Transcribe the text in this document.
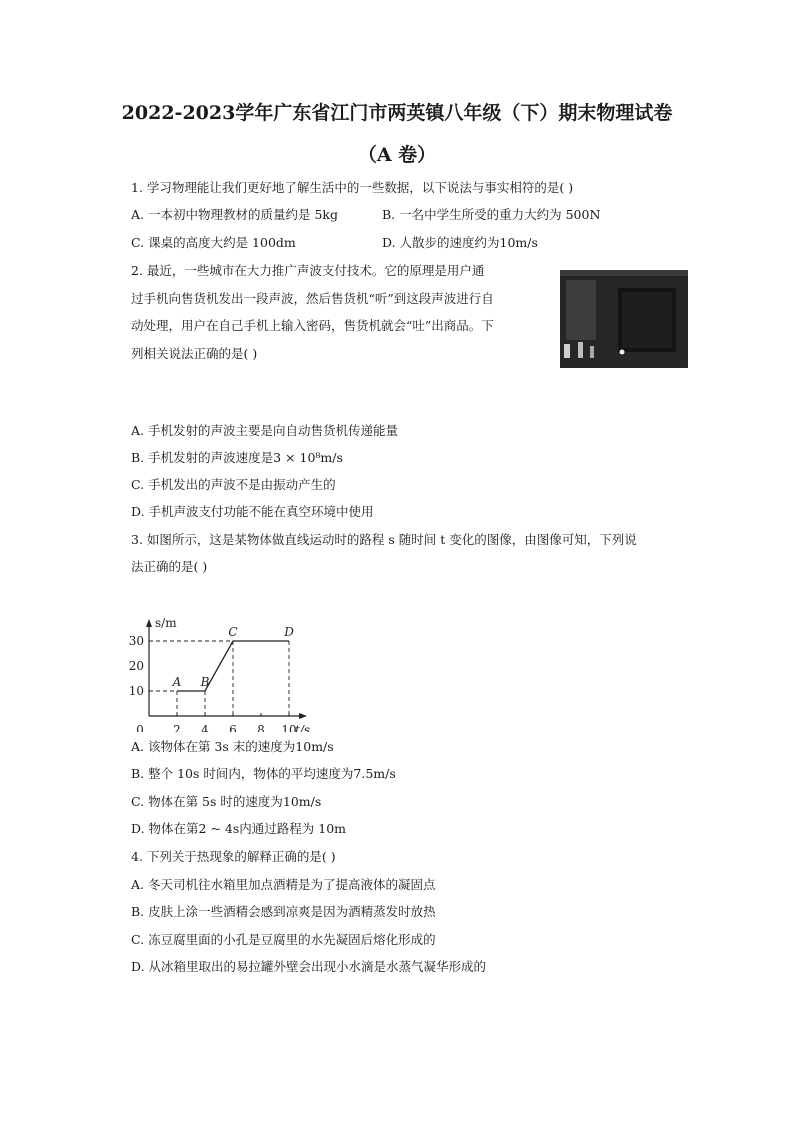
2022-2023学年广东省江门市两英镇八年级（下）期末物理试卷
（A 卷）
1. 学习物理能让我们更好地了解生活中的一些数据，以下说法与事实相符的是( )
A. 一本初中物理教材的质量约是 5kg	B. 一名中学生所受的重力大约为 500N
C. 课桌的高度大约是 100dm	D. 人散步的速度约为10m/s
2. 最近，一些城市在大力推广声波支付技术。它的原理是用户通
过手机向售货机发出一段声波，然后售货机“听”到这段声波进行自
动处理，用户在自己手机上输入密码，售货机就会“吐”出商品。下
列相关说法正确的是( )
A. 手机发射的声波主要是向自动售货机传递能量
B. 手机发射的声波速度是3 × 10⁸m/s
C. 手机发出的声波不是由振动产生的
D. 手机声波支付功能不能在真空环境中使用
3. 如图所示，这是某物体做直线运动时的路程 s 随时间 t 变化的图像，由图像可知，下列说
法正确的是( )
s/m
t/s
0 2 4 6 8 10
10
20
30
A B
C	D
A. 该物体在第 3s 末的速度为10m/s
B. 整个 10s 时间内，物体的平均速度为7.5m/s
C. 物体在第 5s 时的速度为10m/s
D. 物体在第2 ~ 4s内通过路程为 10m
4. 下列关于热现象的解释正确的是( )
A. 冬天司机往水箱里加点酒精是为了提高液体的凝固点
B. 皮肤上涂一些酒精会感到凉爽是因为酒精蒸发时放热
C. 冻豆腐里面的小孔是豆腐里的水先凝固后熔化形成的
D. 从冰箱里取出的易拉罐外壁会出现小水滴是水蒸气凝华形成的
